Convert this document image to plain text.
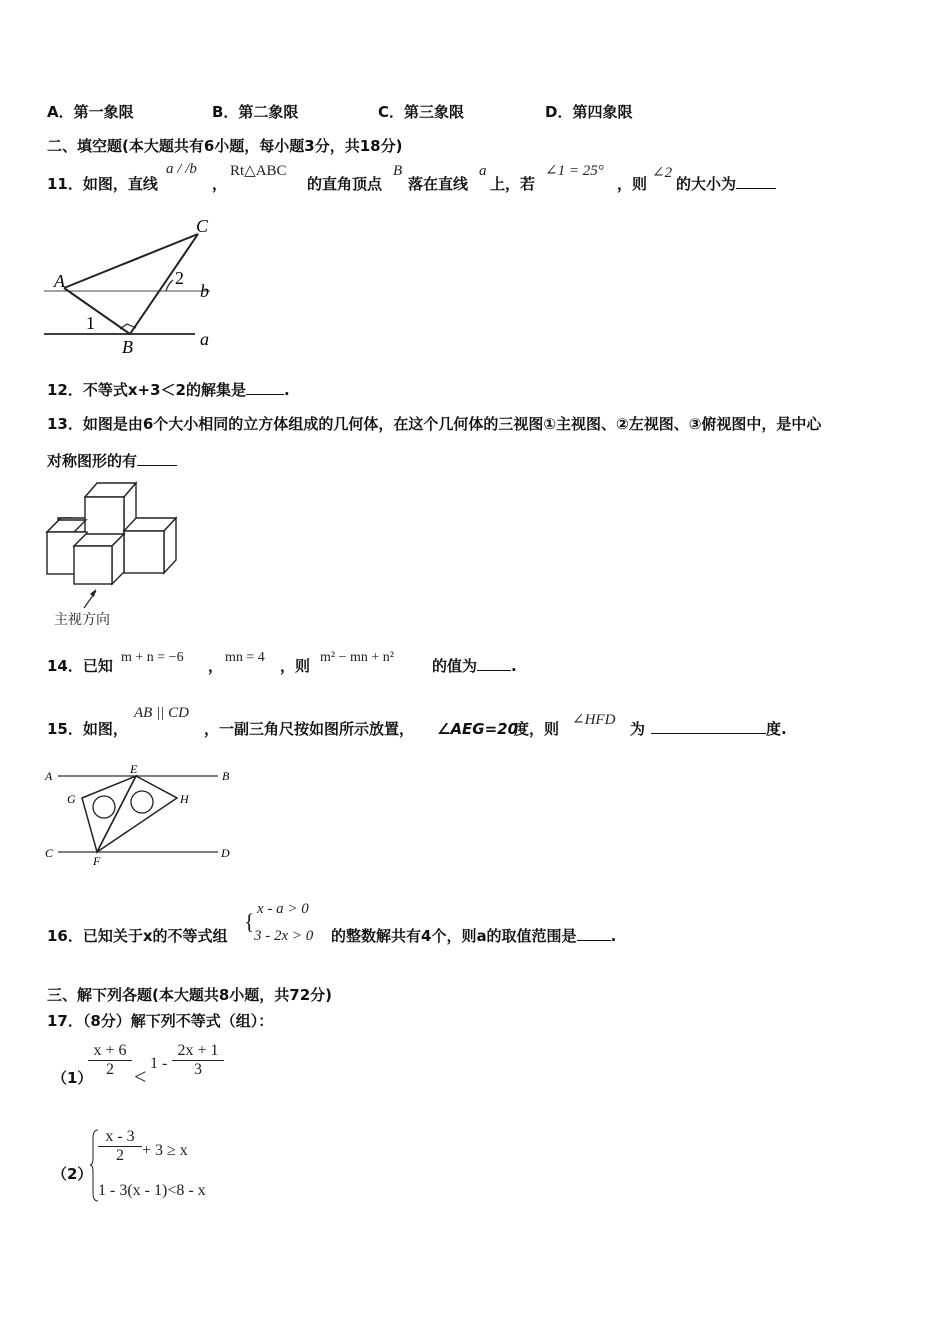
A．第一象限	B．第二象限	C．第三象限	D．第四象限
二、填空题(本大题共有6小题，每小题3分，共18分)
11．如图，直线
a / /b
，
Rt△ABC
的直角顶点
B
落在直线
a
上，若
∠1 = 25°
，则
∠2
的大小为
A
B
C
a
b
1
2
12．不等式x+3＜2的解集是	.
13．如图是由6个大小相同的立方体组成的几何体，在这个几何体的三视图①主视图、②左视图、③俯视图中，是中心
对称图形的有
主视方向
14．已知 m + n = −6 ， mn = 4 ，则 m² − mn + n²	的值为 .
15．如图，
AB || CD
，一副三角尺按如图所示放置， ∠AEG=20
度，则 ∠HFD 为	度.
A	B
C	D
E
F
G	H
16．已知关于x的不等式组
{ x - a > 0
3 - 2x > 0 的整数解共有4个，则a的取值范围是 .
三、解下列各题(本大题共8小题，共72分)
17．（8分）解下列不等式（组）：
（1）
$\frac{x + 6}{2}$ <
$1 - \frac{2x + 1}{3}$
（2）
$\frac{x - 3}{2} + 3 \ge x$
1 - 3(x - 1)<8 - x
